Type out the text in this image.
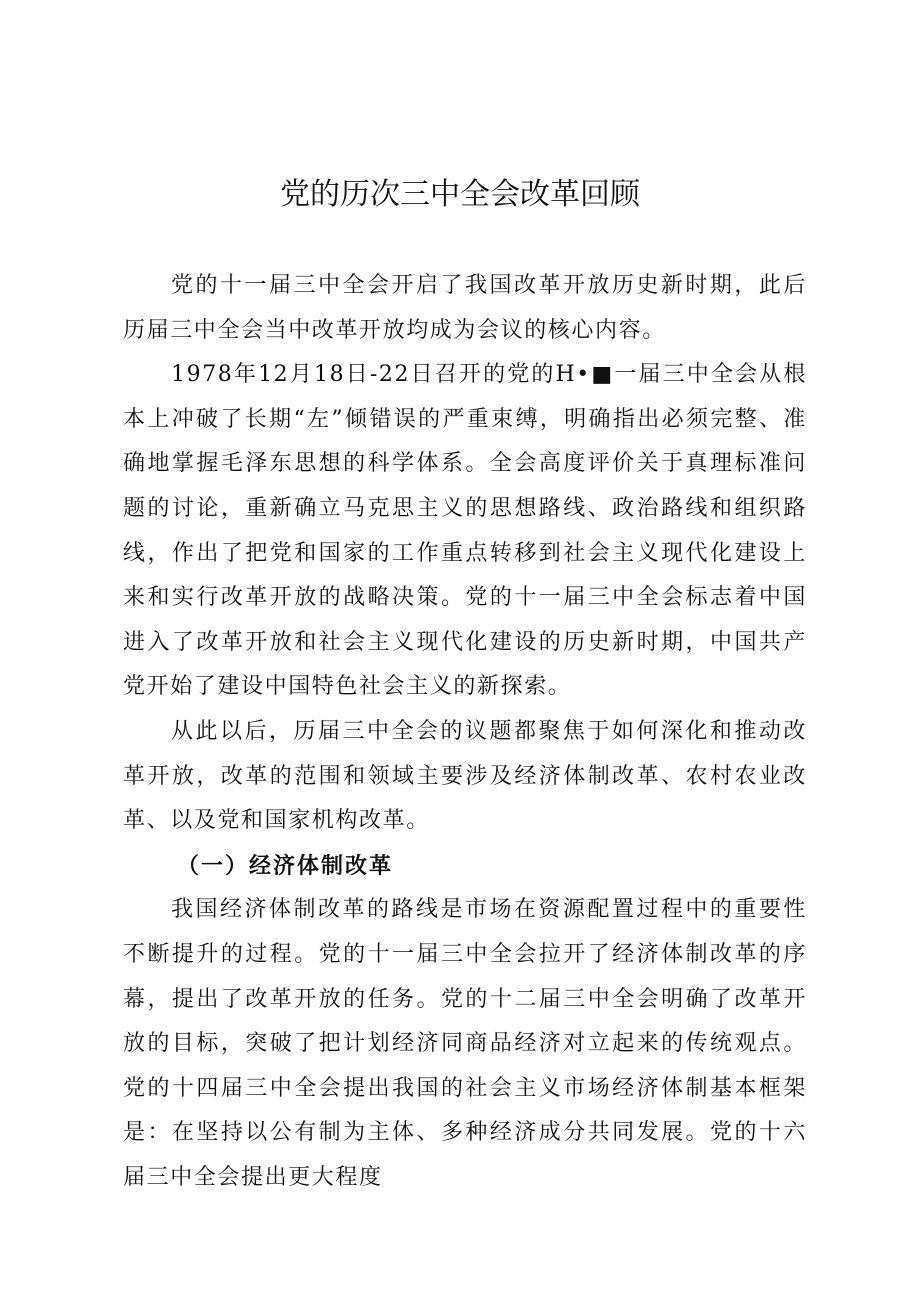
党的历次三中全会改革回顾

党的十一届三中全会开启了我国改革开放历史新时期，此后历届三中全会当中改革开放均成为会议的核心内容。

1978年12月18日-22日召开的党的H•■一届三中全会从根本上冲破了长期“左”倾错误的严重束缚，明确指出必须完整、准确地掌握毛泽东思想的科学体系。全会高度评价关于真理标准问题的讨论，重新确立马克思主义的思想路线、政治路线和组织路线，作出了把党和国家的工作重点转移到社会主义现代化建设上来和实行改革开放的战略决策。党的十一届三中全会标志着中国进入了改革开放和社会主义现代化建设的历史新时期，中国共产党开始了建设中国特色社会主义的新探索。

从此以后，历届三中全会的议题都聚焦于如何深化和推动改革开放，改革的范围和领域主要涉及经济体制改革、农村农业改革、以及党和国家机构改革。

（一）经济体制改革

我国经济体制改革的路线是市场在资源配置过程中的重要性不断提升的过程。党的十一届三中全会拉开了经济体制改革的序幕，提出了改革开放的任务。党的十二届三中全会明确了改革开放的目标，突破了把计划经济同商品经济对立起来的传统观点。党的十四届三中全会提出我国的社会主义市场经济体制基本框架是：在坚持以公有制为主体、多种经济成分共同发展。党的十六届三中全会提出更大程度
